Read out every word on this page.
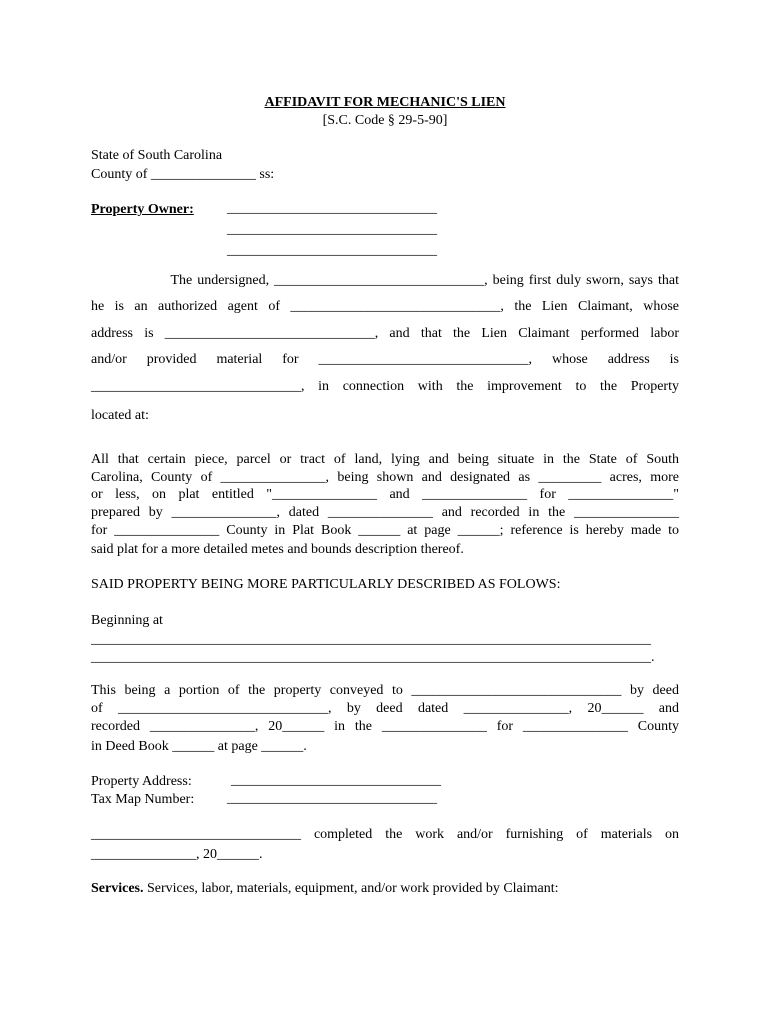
AFFIDAVIT FOR MECHANIC'S LIEN
[S.C. Code § 29-5-90]
State of South Carolina
County of _______________ ss:
Property Owner: ______________________________
______________________________
______________________________
The undersigned, ______________________________, being first duly sworn, says that
he is an authorized agent of ______________________________, the Lien Claimant, whose
address is ______________________________, and that the Lien Claimant performed labor
and/or provided material for ______________________________, whose address is
______________________________, in connection with the improvement to the Property
located at:
All that certain piece, parcel or tract of land, lying and being situate in the State of South
Carolina, County of _______________, being shown and designated as _________ acres, more
or less, on plat entitled "_______________ and _______________ for _______________"
prepared by _______________, dated _______________ and recorded in the _______________
for _______________ County in Plat Book ______ at page ______; reference is hereby made to
said plat for a more detailed metes and bounds description thereof.
SAID PROPERTY BEING MORE PARTICULARLY DESCRIBED AS FOLOWS:
Beginning at
________________________________________________________________________________
________________________________________________________________________________.
This being a portion of the property conveyed to ______________________________ by deed
of ______________________________, by deed dated _______________, 20______ and
recorded _______________, 20______ in the _______________ for _______________ County
in Deed Book ______ at page ______.
Property Address:	______________________________
Tax Map Number: ______________________________
______________________________ completed the work and/or furnishing of materials on
_______________, 20______.
Services. Services, labor, materials, equipment, and/or work provided by Claimant:
